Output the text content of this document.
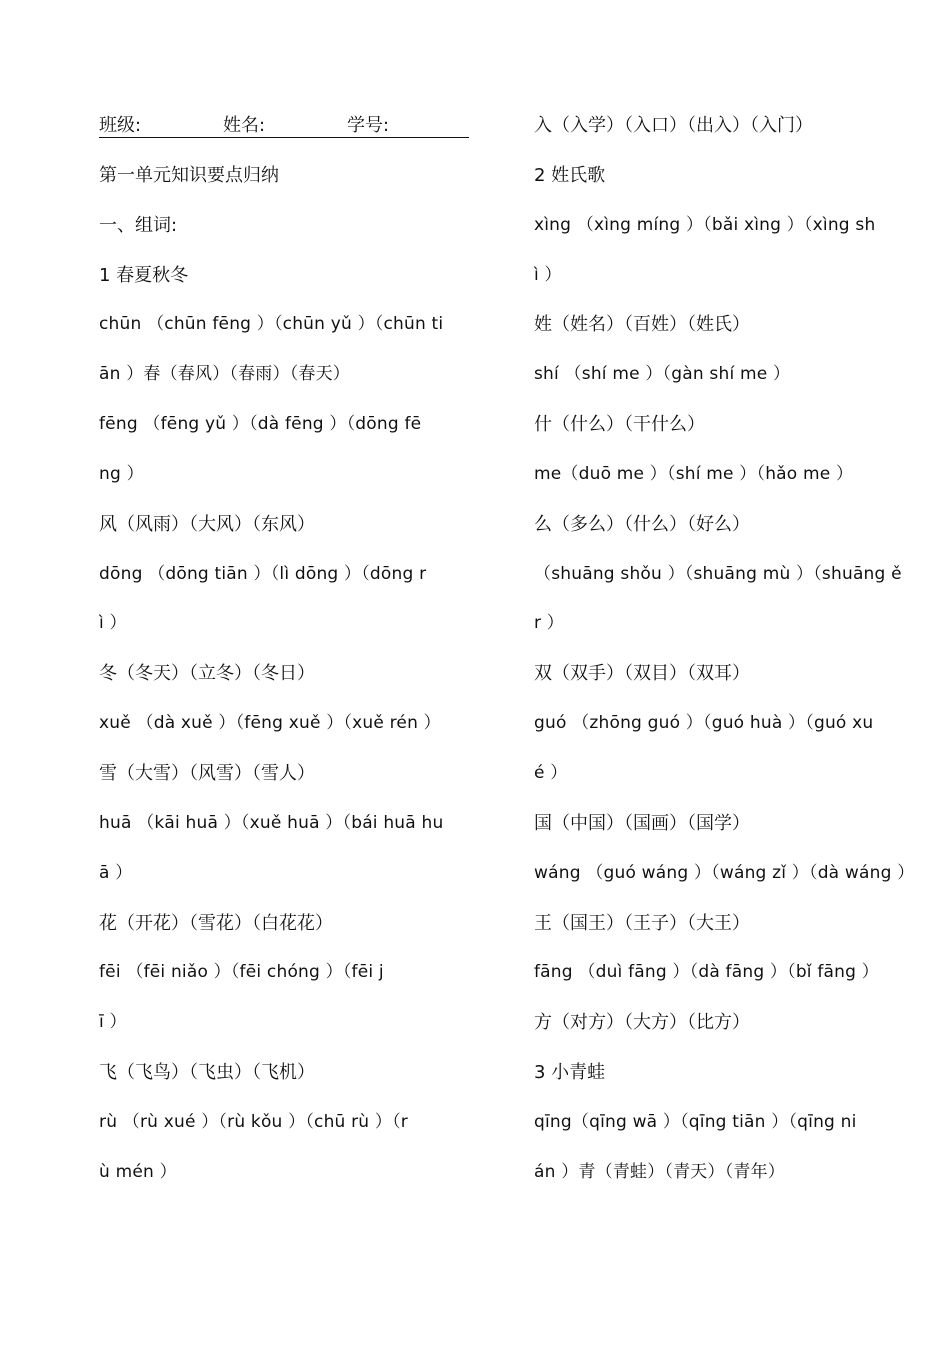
班级:

	姓名:

	学号:

第一单元知识要点归纳
一、组词:
1 春夏秋冬
chūn （chūn fēng ）（chūn yǔ ）（chūn ti
ān ）春（春风）（春雨）（春天）
fēng （fēng yǔ ）（dà fēng ）（dōng fē
ng ）
风（风雨）（大风）（东风）
dōng （dōng tiān ）（lì dōng ）（dōng r
ì ）
冬（冬天）（立冬）（冬日）
xuě （dà xuě ）（fēng xuě ）（xuě rén ）
雪（大雪）（风雪）（雪人）
huā （kāi huā ）（xuě huā ）（bái huā hu
ā ）
花（开花）（雪花）（白花花）
fēi （fēi niǎo ）（fēi chóng ）（fēi j
ī ）
飞（飞鸟）（飞虫）（飞机）
rù （rù xué ）（rù kǒu ）（chū rù ）（r
ù mén ）
入（入学）（入口）（出入）（入门）
2 姓氏歌
xìng （xìng míng ）（bǎi xìng ）（xìng sh
ì ）
姓（姓名）（百姓）（姓氏）
shí （shí me ）（gàn shí me ）
什（什么）（干什么）
me（duō me ）（shí me ）（hǎo me ）
么（多么）（什么）（好么）
（shuāng shǒu ）（shuāng mù ）（shuāng ě
r ）
双（双手）（双目）（双耳）
guó （zhōng guó ）（guó huà ）（guó xu
é ）
国（中国）（国画）（国学）
wáng （guó wáng ）（wáng zǐ ）（dà wáng ）
王（国王）（王子）（大王）
fāng （duì fāng ）（dà fāng ）（bǐ fāng ）
方（对方）（大方）（比方）
3 小青蛙
qīng（qīng wā ）（qīng tiān ）（qīng ni
án ）青（青蛙）（青天）（青年）
